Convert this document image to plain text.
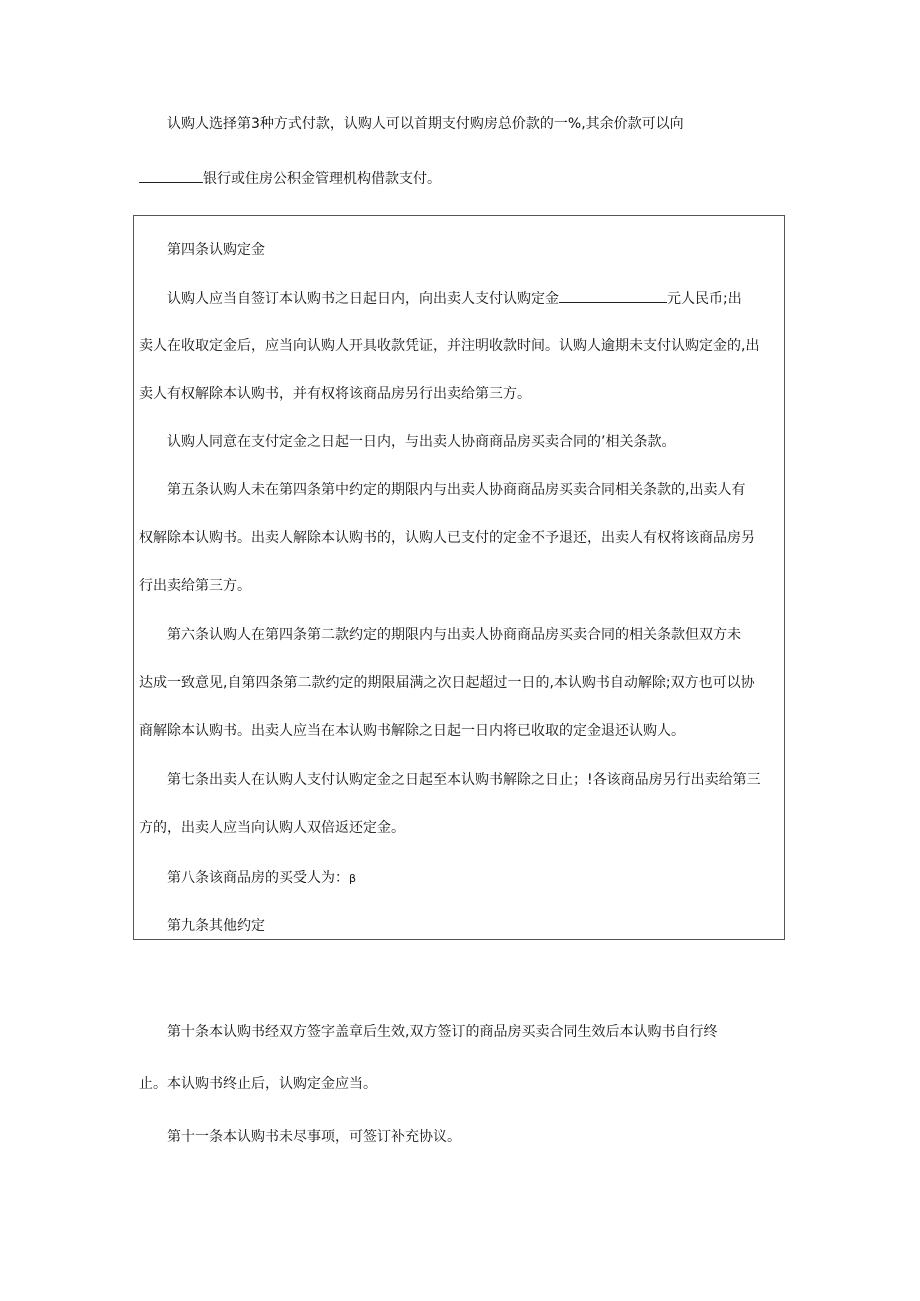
认购人选择第3种方式付款，认购人可以首期支付购房总价款的一%,其余价款可以向

银行或住房公积金管理机构借款支付。

第四条认购定金

认购人应当自签订本认购书之日起日内，向出卖人支付认购定金	元人民币;出

卖人在收取定金后，应当向认购人开具收款凭证，并注明收款时间。认购人逾期未支付认购定金的,出

卖人有权解除本认购书，并有权将该商品房另行出卖给第三方。

认购人同意在支付定金之日起一日内，与出卖人协商商品房买卖合同的’相关条款。

第五条认购人未在第四条第中约定的期限内与出卖人协商商品房买卖合同相关条款的,出卖人有

权解除本认购书。出卖人解除本认购书的，认购人已支付的定金不予退还，出卖人有权将该商品房另

行出卖给第三方。

第六条认购人在第四条第二款约定的期限内与出卖人协商商品房买卖合同的相关条款但双方未

达成一致意见,自第四条第二款约定的期限届满之次日起超过一日的,本认购书自动解除;双方也可以协

商解除本认购书。出卖人应当在本认购书解除之日起一日内将已收取的定金退还认购人。

第七条出卖人在认购人支付认购定金之日起至本认购书解除之日止；!各该商品房另行出卖给第三

方的，出卖人应当向认购人双倍返还定金。

第八条该商品房的买受人为：β

第九条其他约定

第十条本认购书经双方签字盖章后生效,双方签订的商品房买卖合同生效后本认购书自行终

止。本认购书终止后，认购定金应当。

第十一条本认购书未尽事项，可签订补充协议。
